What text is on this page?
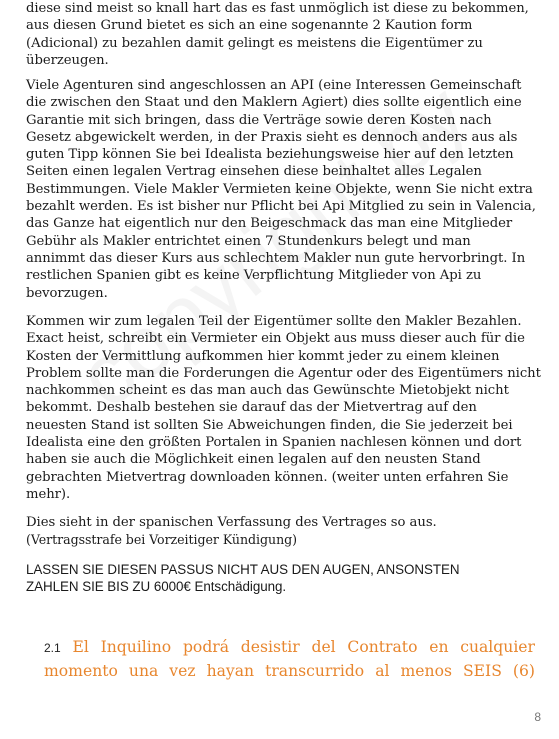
diese sind meist so knall hart das es fast unmöglich ist diese zu bekommen,
aus diesen Grund bietet es sich an eine sogenannte 2 Kaution form
(Adicional) zu bezahlen damit gelingt es meistens die Eigentümer zu
überzeugen.

Viele Agenturen sind angeschlossen an API (eine Interessen Gemeinschaft
die zwischen den Staat und den Maklern Agiert) dies sollte eigentlich eine
Garantie mit sich bringen, dass die Verträge sowie deren Kosten nach
Gesetz abgewickelt werden, in der Praxis sieht es dennoch anders aus als
guten Tipp können Sie bei Idealista beziehungsweise hier auf den letzten
Seiten einen legalen Vertrag einsehen diese beinhaltet alles Legalen
Bestimmungen. Viele Makler Vermieten keine Objekte, wenn Sie nicht extra
bezahlt werden. Es ist bisher nur Pflicht bei Api Mitglied zu sein in Valencia,
das Ganze hat eigentlich nur den Beigeschmack das man eine Mitglieder
Gebühr als Makler entrichtet einen 7 Stundenkurs belegt und man
annimmt das dieser Kurs aus schlechtem Makler nun gute hervorbringt. In
restlichen Spanien gibt es keine Verpflichtung Mitglieder von Api zu
bevorzugen.

Kommen wir zum legalen Teil der Eigentümer sollte den Makler Bezahlen.
Exact heist, schreibt ein Vermieter ein Objekt aus muss dieser auch für die
Kosten der Vermittlung aufkommen hier kommt jeder zu einem kleinen
Problem sollte man die Forderungen die Agentur oder des Eigentümers nicht
nachkommen scheint es das man auch das Gewünschte Mietobjekt nicht
bekommt. Deshalb bestehen sie darauf das der Mietvertrag auf den
neuesten Stand ist sollten Sie Abweichungen finden, die Sie jederzeit bei
Idealista eine den größten Portalen in Spanien nachlesen können und dort
haben sie auch die Möglichkeit einen legalen auf den neusten Stand
gebrachten Mietvertrag downloaden können. (weiter unten erfahren Sie
mehr).

Dies sieht in der spanischen Verfassung des Vertrages so aus.

(Vertragsstrafe bei Vorzeitiger Kündigung)

LASSEN SIE DIESEN PASSUS NICHT AUS DEN AUGEN, ANSONSTEN
ZAHLEN SIE BIS ZU 6000€ Entschädigung.

2.1 El Inquilino podrá desistir del Contrato en cualquier
momento una vez hayan transcurrido al menos SEIS (6)

8
